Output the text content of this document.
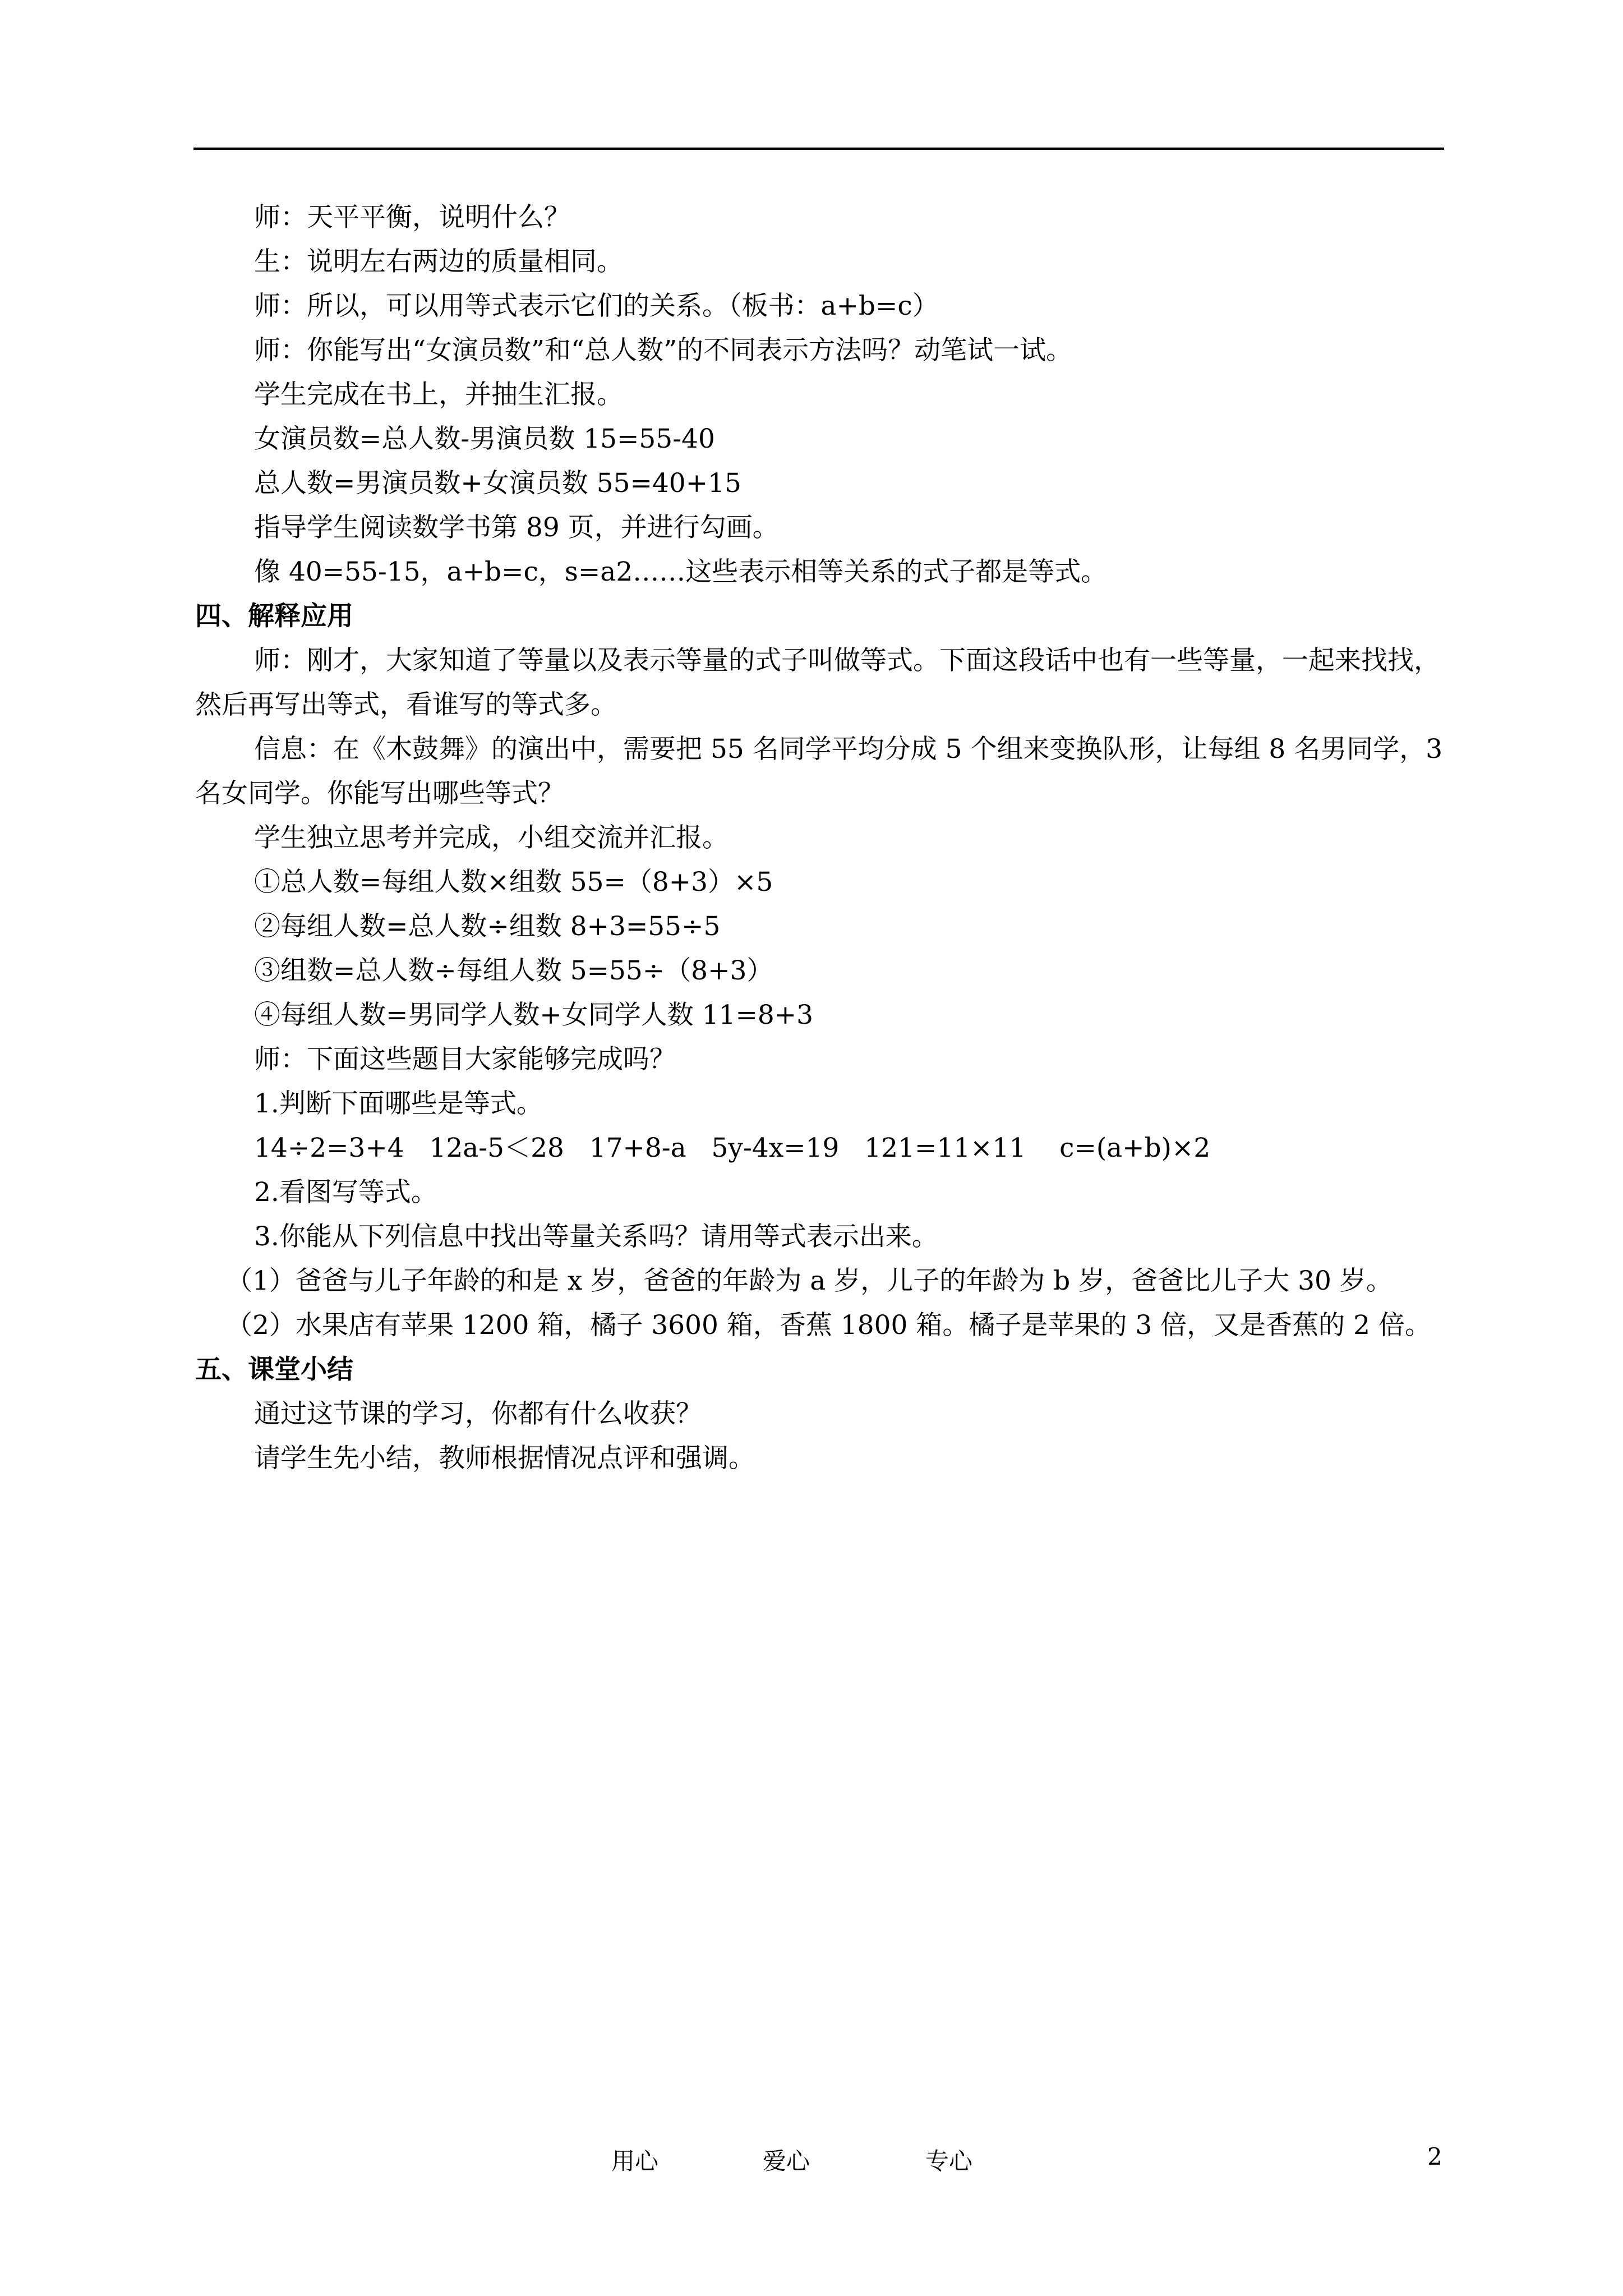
师：天平平衡，说明什么？

生：说明左右两边的质量相同。

师：所以，可以用等式表示它们的关系。（板书：a+b=c）

师：你能写出“女演员数”和“总人数”的不同表示方法吗？动笔试一试。

学生完成在书上，并抽生汇报。

女演员数=总人数-男演员数 15=55-40

总人数=男演员数+女演员数 55=40+15

指导学生阅读数学书第 89 页，并进行勾画。

像 40=55-15，a+b=c，s=a2……这些表示相等关系的式子都是等式。

四、解释应用

师：刚才，大家知道了等量以及表示等量的式子叫做等式。下面这段话中也有一些等量，一起来找找，然后再写出等式，看谁写的等式多。

信息：在《木鼓舞》的演出中，需要把 55 名同学平均分成 5 个组来变换队形，让每组 8 名男同学，3 名女同学。你能写出哪些等式？

学生独立思考并完成，小组交流并汇报。

①总人数=每组人数×组数 55=（8+3）×5

②每组人数=总人数÷组数 8+3=55÷5

③组数=总人数÷每组人数 5=55÷（8+3）

④每组人数=男同学人数+女同学人数 11=8+3

师：下面这些题目大家能够完成吗？

1.判断下面哪些是等式。

14÷2=3+4   12a-5＜28   17+8-a   5y-4x=19   121=11×11    c=(a+b)×2

2.看图写等式。

3.你能从下列信息中找出等量关系吗？请用等式表示出来。

（1）爸爸与儿子年龄的和是 x 岁，爸爸的年龄为 a 岁，儿子的年龄为 b 岁，爸爸比儿子大 30 岁。

（2）水果店有苹果 1200 箱，橘子 3600 箱，香蕉 1800 箱。橘子是苹果的 3 倍，又是香蕉的 2 倍。

五、课堂小结

通过这节课的学习，你都有什么收获？

请学生先小结，教师根据情况点评和强调。

用心	爱心	专心	2
